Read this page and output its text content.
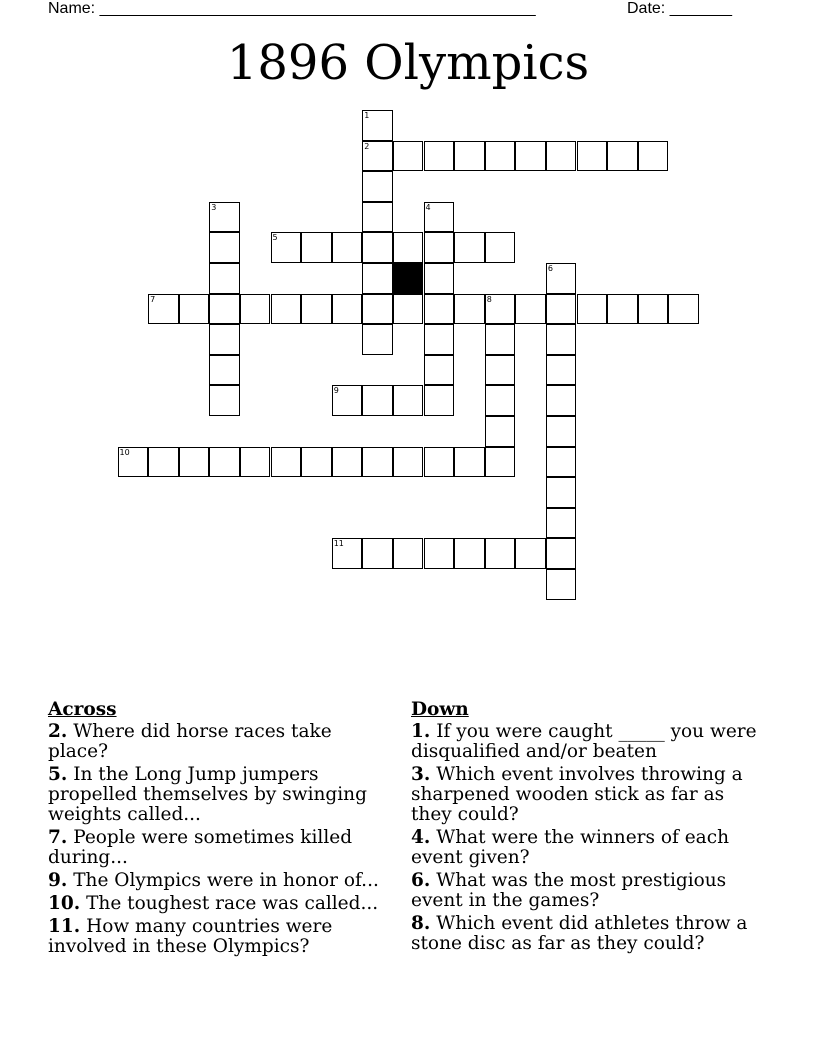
Name: _________________________________________________	Date: _______
1896 Olympics
1
2
3	4
5
6
7	8
9
10
11
Across
2. Where did horse races take place?
5. In the Long Jump jumpers propelled themselves by swinging weights called...
7. People were sometimes killed during...
9. The Olympics were in honor of...
10. The toughest race was called...
11. How many countries were involved in these Olympics?
Down
1. If you were caught _____ you were disqualified and/or beaten
3. Which event involves throwing a sharpened wooden stick as far as they could?
4. What were the winners of each event given?
6. What was the most prestigious event in the games?
8. Which event did athletes throw a stone disc as far as they could?
